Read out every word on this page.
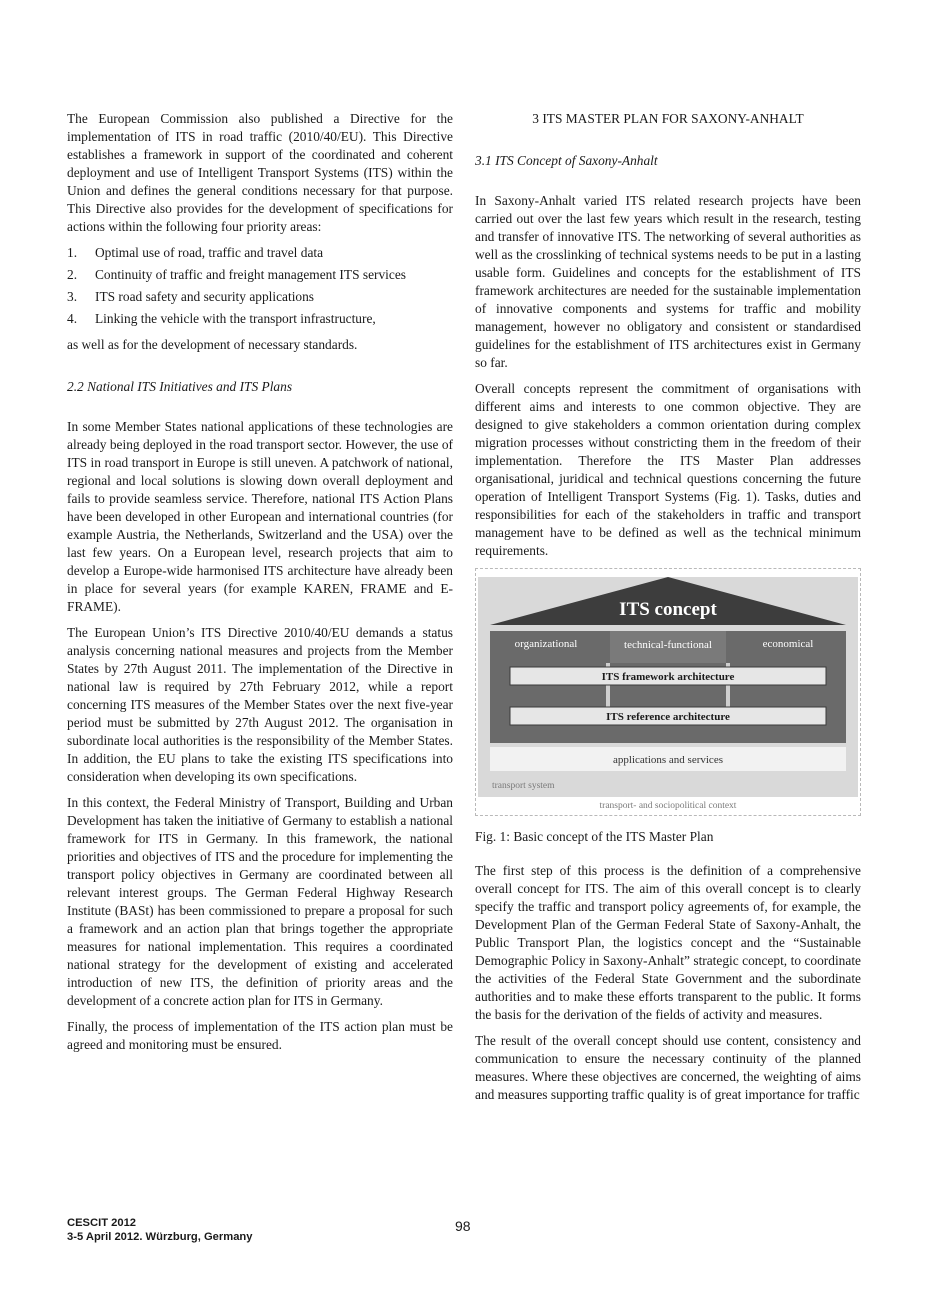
The European Commission also published a Directive for the implementation of ITS in road traffic (2010/40/EU). This Directive establishes a framework in support of the coordinated and coherent deployment and use of Intelligent Transport Systems (ITS) within the Union and defines the general conditions necessary for that purpose. This Directive also provides for the development of specifications for actions within the following four priority areas:

1. Optimal use of road, traffic and travel data
2. Continuity of traffic and freight management ITS services
3. ITS road safety and security applications
4. Linking the vehicle with the transport infrastructure,

as well as for the development of necessary standards.

2.2 National ITS Initiatives and ITS Plans

In some Member States national applications of these technologies are already being deployed in the road transport sector. However, the use of ITS in road transport in Europe is still uneven. A patchwork of national, regional and local solutions is slowing down overall deployment and fails to provide seamless service. Therefore, national ITS Action Plans have been developed in other European and international countries (for example Austria, the Netherlands, Switzerland and the USA) over the last few years. On a European level, research projects that aim to develop a Europe-wide harmonised ITS architecture have already been in place for several years (for example KAREN, FRAME and E-FRAME).

The European Union’s ITS Directive 2010/40/EU demands a status analysis concerning national measures and projects from the Member States by 27th August 2011. The implementation of the Directive in national law is required by 27th February 2012, while a report concerning ITS measures of the Member States over the next five-year period must be submitted by 27th August 2012. The organisation in subordinate local authorities is the responsibility of the Member States. In addition, the EU plans to take the existing ITS specifications into consideration when developing its own specifications.

In this context, the Federal Ministry of Transport, Building and Urban Development has taken the initiative of Germany to establish a national framework for ITS in Germany. In this framework, the national priorities and objectives of ITS and the procedure for implementing the transport policy objectives in Germany are coordinated between all relevant interest groups. The German Federal Highway Research Institute (BASt) has been commissioned to prepare a proposal for such a framework and an action plan that brings together the appropriate measures for national implementation. This requires a coordinated national strategy for the development of existing and accelerated introduction of new ITS, the definition of priority areas and the development of a concrete action plan for ITS in Germany.

Finally, the process of implementation of the ITS action plan must be agreed and monitoring must be ensured.

3 ITS MASTER PLAN FOR SAXONY-ANHALT
3.1 ITS Concept of Saxony-Anhalt

In Saxony-Anhalt varied ITS related research projects have been carried out over the last few years which result in the research, testing and transfer of innovative ITS. The networking of several authorities as well as the crosslinking of technical systems needs to be put in a lasting usable form. Guidelines and concepts for the establishment of ITS framework architectures are needed for the sustainable implementation of innovative components and systems for traffic and mobility management, however no obligatory and consistent or standardised guidelines for the establishment of ITS architectures exist in Germany so far.

Overall concepts represent the commitment of organisations with different aims and interests to one common objective. They are designed to give stakeholders a common orientation during complex migration processes without constricting them in the freedom of their implementation. Therefore the ITS Master Plan addresses organisational, juridical and technical questions concerning the future operation of Intelligent Transport Systems (Fig. 1). Tasks, duties and responsibilities for each of the stakeholders in traffic and transport management have to be defined as well as the technical minimum requirements.

ITS concept
organizational	technical-functional	economical
ITS framework architecture
ITS reference architecture
applications and services
transport system
transport- and sociopolitical context
Fig. 1: Basic concept of the ITS Master Plan

The first step of this process is the definition of a comprehensive overall concept for ITS. The aim of this overall concept is to clearly specify the traffic and transport policy agreements of, for example, the Development Plan of the German Federal State of Saxony-Anhalt, the Public Transport Plan, the logistics concept and the “Sustainable Demographic Policy in Saxony-Anhalt” strategic concept, to coordinate the activities of the Federal State Government and the subordinate authorities and to make these efforts transparent to the public. It forms the basis for the derivation of the fields of activity and measures.

The result of the overall concept should use content, consistency and communication to ensure the necessary continuity of the planned measures. Where these objectives are concerned, the weighting of aims and measures supporting traffic quality is of great importance for traffic

CESCIT 2012
3-5 April 2012. Würzburg, Germany
98
